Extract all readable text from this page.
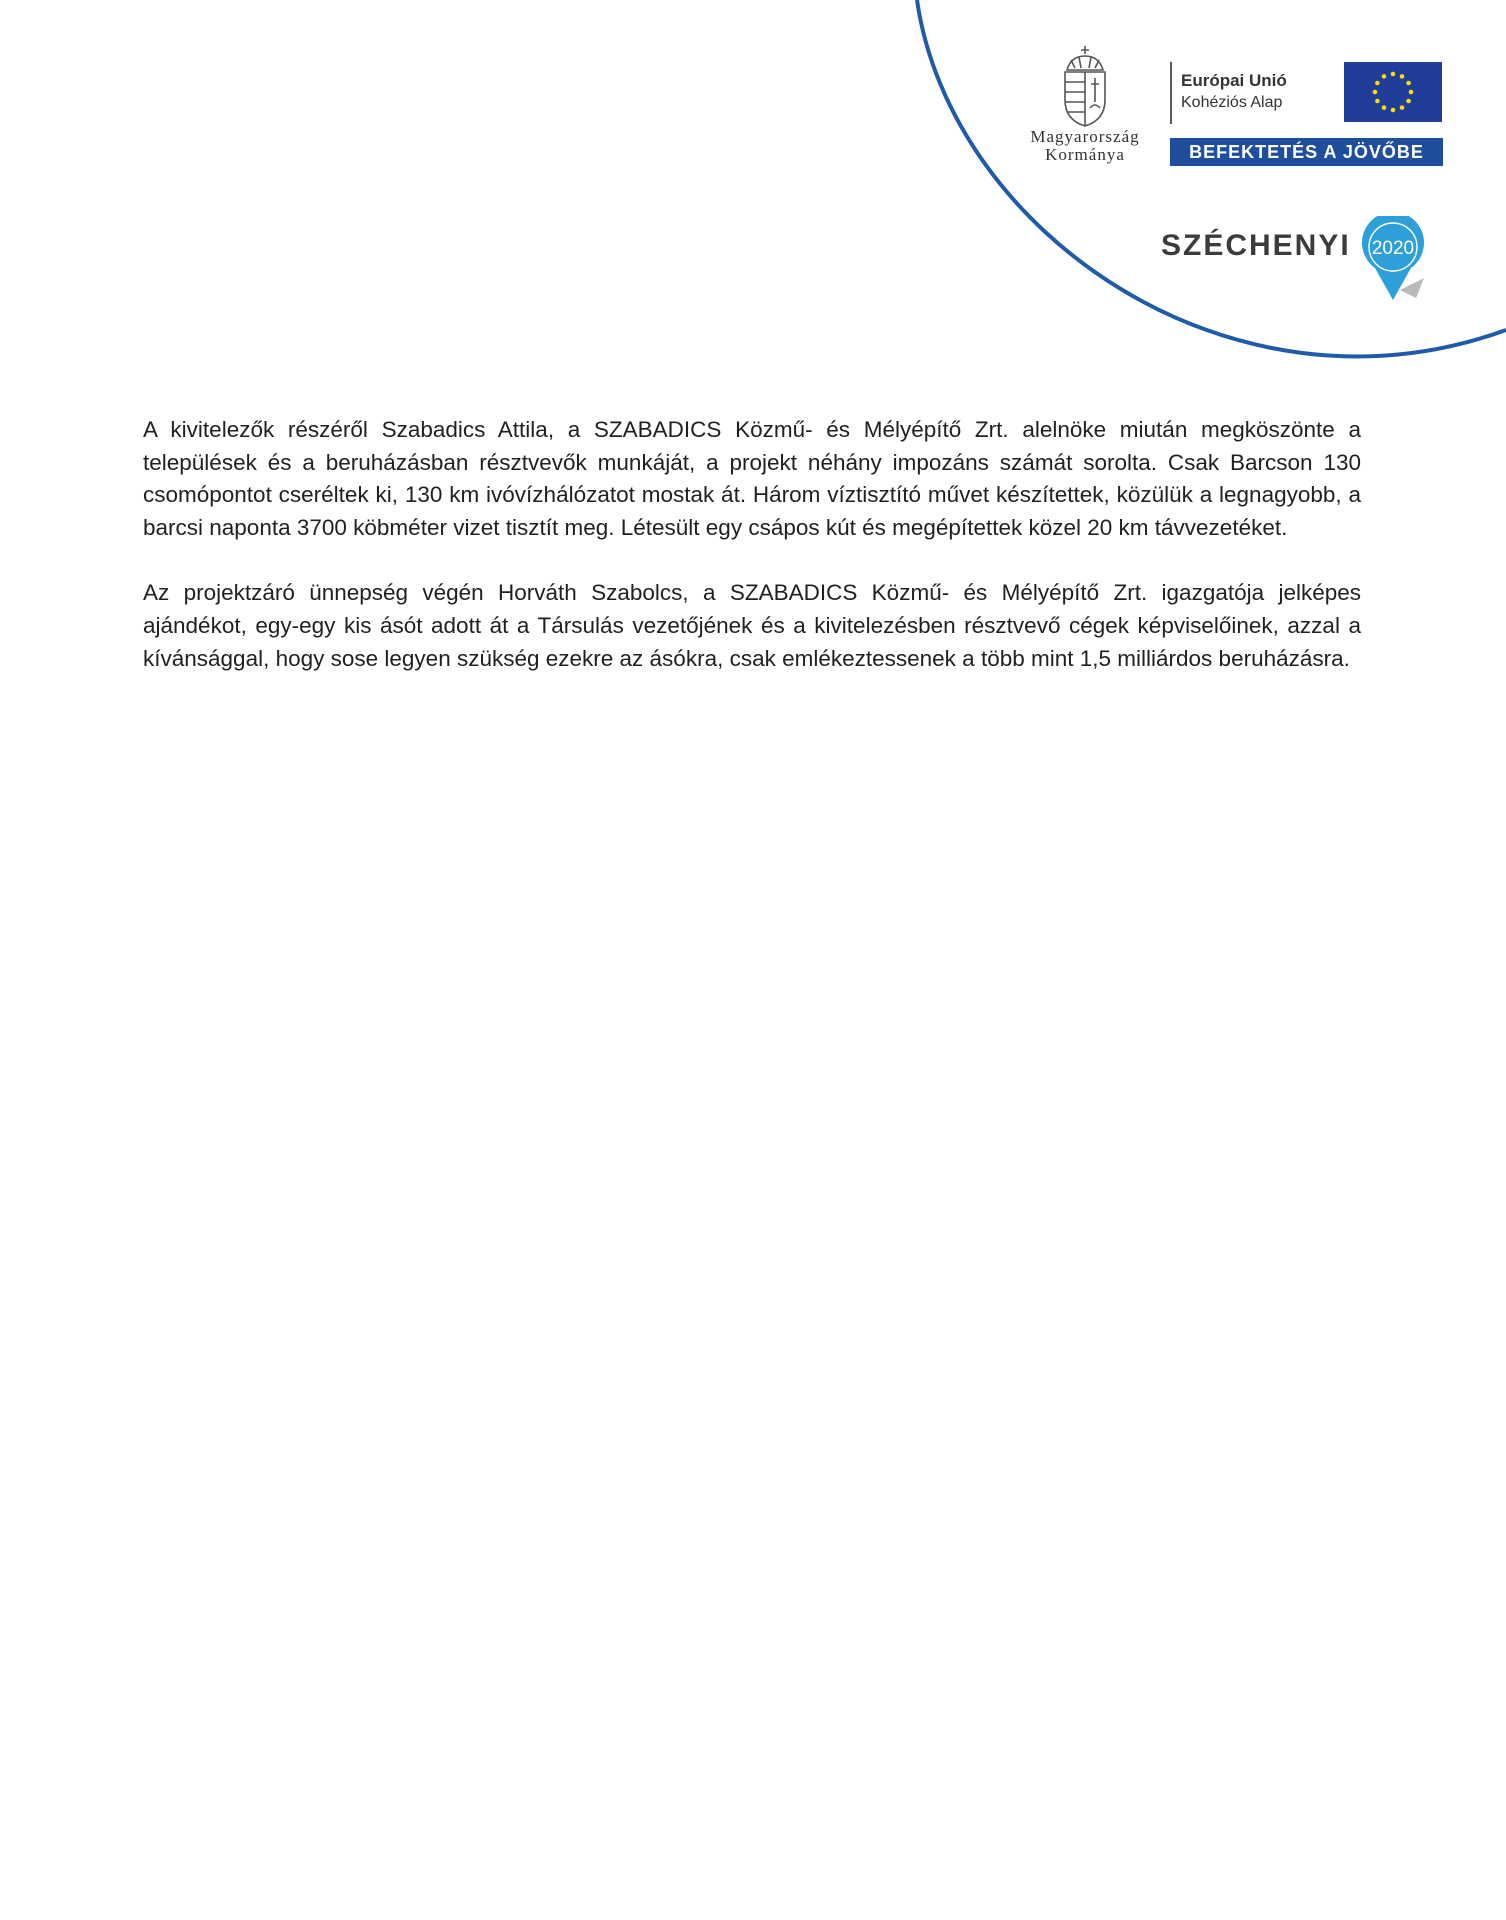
Magyarország
Kormánya
Európai Unió
Kohéziós Alap
BEFEKTETÉS A JÖVŐBE
SZÉCHENYI 2020

A kivitelezők részéről Szabadics Attila, a SZABADICS Közmű- és Mélyépítő Zrt. alelnöke miután megköszönte a települések és a beruházásban résztvevők munkáját, a projekt néhány impozáns számát sorolta. Csak Barcson 130 csomópontot cseréltek ki, 130 km ivóvízhálózatot mostak át. Három víztisztító művet készítettek, közülük a legnagyobb, a barcsi naponta 3700 köbméter vizet tisztít meg. Létesült egy csápos kút és megépítettek közel 20 km távvezetéket.

Az projektzáró ünnepség végén Horváth Szabolcs, a SZABADICS Közmű- és Mélyépítő Zrt. igazgatója jelképes ajándékot, egy-egy kis ásót adott át a Társulás vezetőjének és a kivitelezésben résztvevő cégek képviselőinek, azzal a kívánsággal, hogy sose legyen szükség ezekre az ásókra, csak emlékeztessenek a több mint 1,5 milliárdos beruházásra.
